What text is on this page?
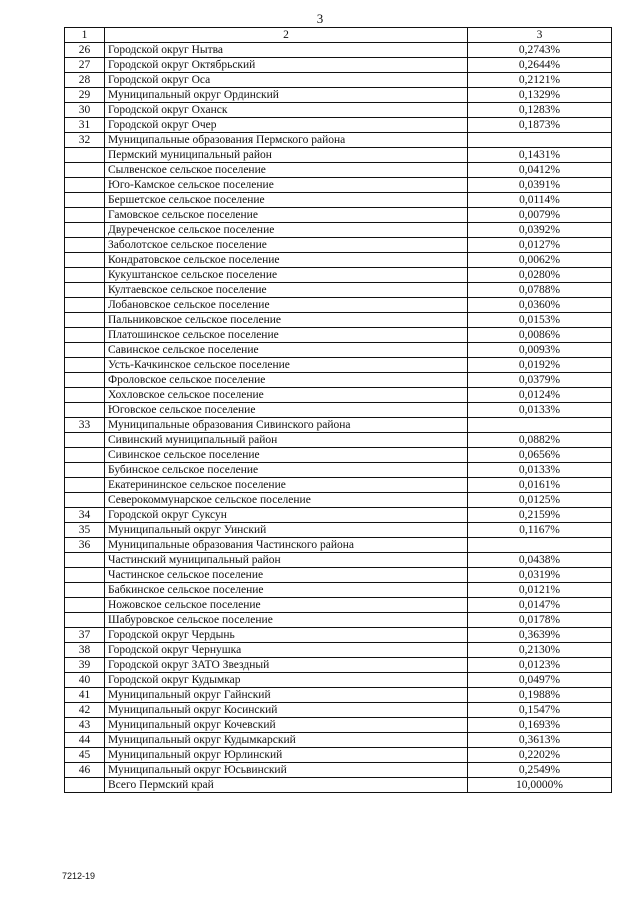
3
1	2	3
26	Городской округ Нытва	0,2743%
27	Городской округ Октябрьский	0,2644%
28	Городской округ Оса	0,2121%
29	Муниципальный округ Ординский	0,1329%
30	Городской округ Оханск	0,1283%
31	Городской округ Очер	0,1873%
32	Муниципальные образования Пермского района	
	Пермский муниципальный район	0,1431%
	Сылвенское сельское поселение	0,0412%
	Юго-Камское сельское поселение	0,0391%
	Бершетское сельское поселение	0,0114%
	Гамовское сельское поселение	0,0079%
	Двуреченское сельское поселение	0,0392%
	Заболотское сельское поселение	0,0127%
	Кондратовское сельское поселение	0,0062%
	Кукуштанское сельское поселение	0,0280%
	Култаевское сельское поселение	0,0788%
	Лобановское сельское поселение	0,0360%
	Пальниковское сельское поселение	0,0153%
	Платошинское сельское поселение	0,0086%
	Савинское сельское поселение	0,0093%
	Усть-Качкинское сельское поселение	0,0192%
	Фроловское сельское поселение	0,0379%
	Хохловское сельское поселение	0,0124%
	Юговское сельское поселение	0,0133%
33	Муниципальные образования Сивинского района	
	Сивинский муниципальный район	0,0882%
	Сивинское сельское поселение	0,0656%
	Бубинское сельское поселение	0,0133%
	Екатерининское сельское поселение	0,0161%
	Северокоммунарское сельское поселение	0,0125%
34	Городской округ Суксун	0,2159%
35	Муниципальный округ Уинский	0,1167%
36	Муниципальные образования Частинского района	
	Частинский муниципальный район	0,0438%
	Частинское сельское поселение	0,0319%
	Бабкинское сельское поселение	0,0121%
	Ножовское сельское поселение	0,0147%
	Шабуровское сельское поселение	0,0178%
37	Городской округ Чердынь	0,3639%
38	Городской округ Чернушка	0,2130%
39	Городской округ ЗАТО Звездный	0,0123%
40	Городской округ Кудымкар	0,0497%
41	Муниципальный округ Гайнский	0,1988%
42	Муниципальный округ Косинский	0,1547%
43	Муниципальный округ Кочевский	0,1693%
44	Муниципальный округ Кудымкарский	0,3613%
45	Муниципальный округ Юрлинский	0,2202%
46	Муниципальный округ Юсьвинский	0,2549%
	Всего Пермский край	10,0000%
7212-19
